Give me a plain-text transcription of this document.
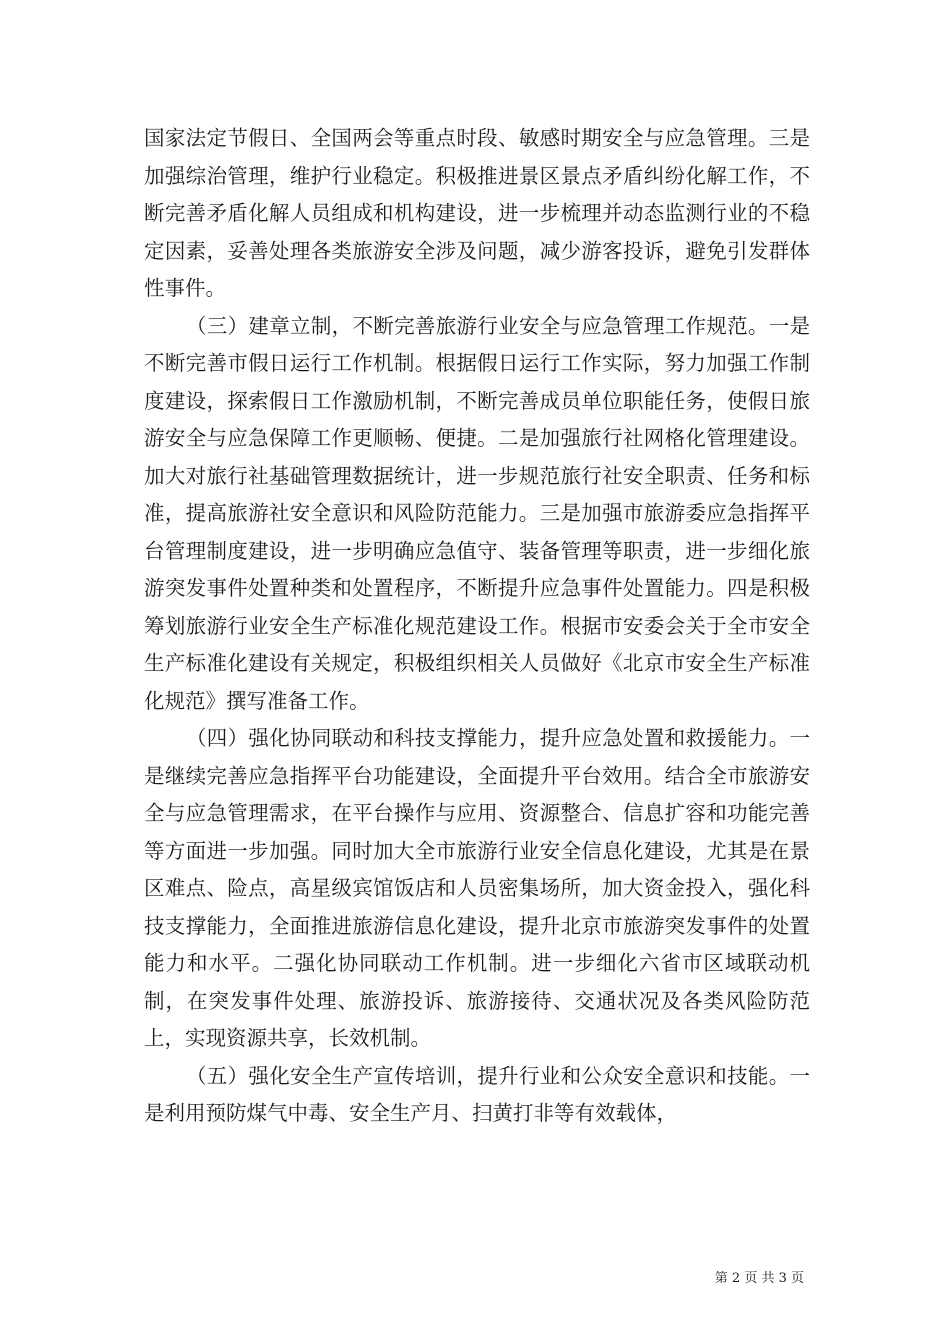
国家法定节假日、全国两会等重点时段、敏感时期安全与应急管理。三是加强综治管理，维护行业稳定。积极推进景区景点矛盾纠纷化解工作，不断完善矛盾化解人员组成和机构建设，进一步梳理并动态监测行业的不稳定因素，妥善处理各类旅游安全涉及问题，减少游客投诉，避免引发群体性事件。

（三）建章立制，不断完善旅游行业安全与应急管理工作规范。一是不断完善市假日运行工作机制。根据假日运行工作实际，努力加强工作制度建设，探索假日工作激励机制，不断完善成员单位职能任务，使假日旅游安全与应急保障工作更顺畅、便捷。二是加强旅行社网格化管理建设。加大对旅行社基础管理数据统计，进一步规范旅行社安全职责、任务和标准，提高旅游社安全意识和风险防范能力。三是加强市旅游委应急指挥平台管理制度建设，进一步明确应急值守、装备管理等职责，进一步细化旅游突发事件处置种类和处置程序，不断提升应急事件处置能力。四是积极筹划旅游行业安全生产标准化规范建设工作。根据市安委会关于全市安全生产标准化建设有关规定，积极组织相关人员做好《北京市安全生产标准化规范》撰写准备工作。

（四）强化协同联动和科技支撑能力，提升应急处置和救援能力。一是继续完善应急指挥平台功能建设，全面提升平台效用。结合全市旅游安全与应急管理需求，在平台操作与应用、资源整合、信息扩容和功能完善等方面进一步加强。同时加大全市旅游行业安全信息化建设，尤其是在景区难点、险点，高星级宾馆饭店和人员密集场所，加大资金投入，强化科技支撑能力，全面推进旅游信息化建设，提升北京市旅游突发事件的处置能力和水平。二强化协同联动工作机制。进一步细化六省市区域联动机制，在突发事件处理、旅游投诉、旅游接待、交通状况及各类风险防范上，实现资源共享，长效机制。

（五）强化安全生产宣传培训，提升行业和公众安全意识和技能。一是利用预防煤气中毒、安全生产月、扫黄打非等有效载体，

第 2 页 共 3 页
